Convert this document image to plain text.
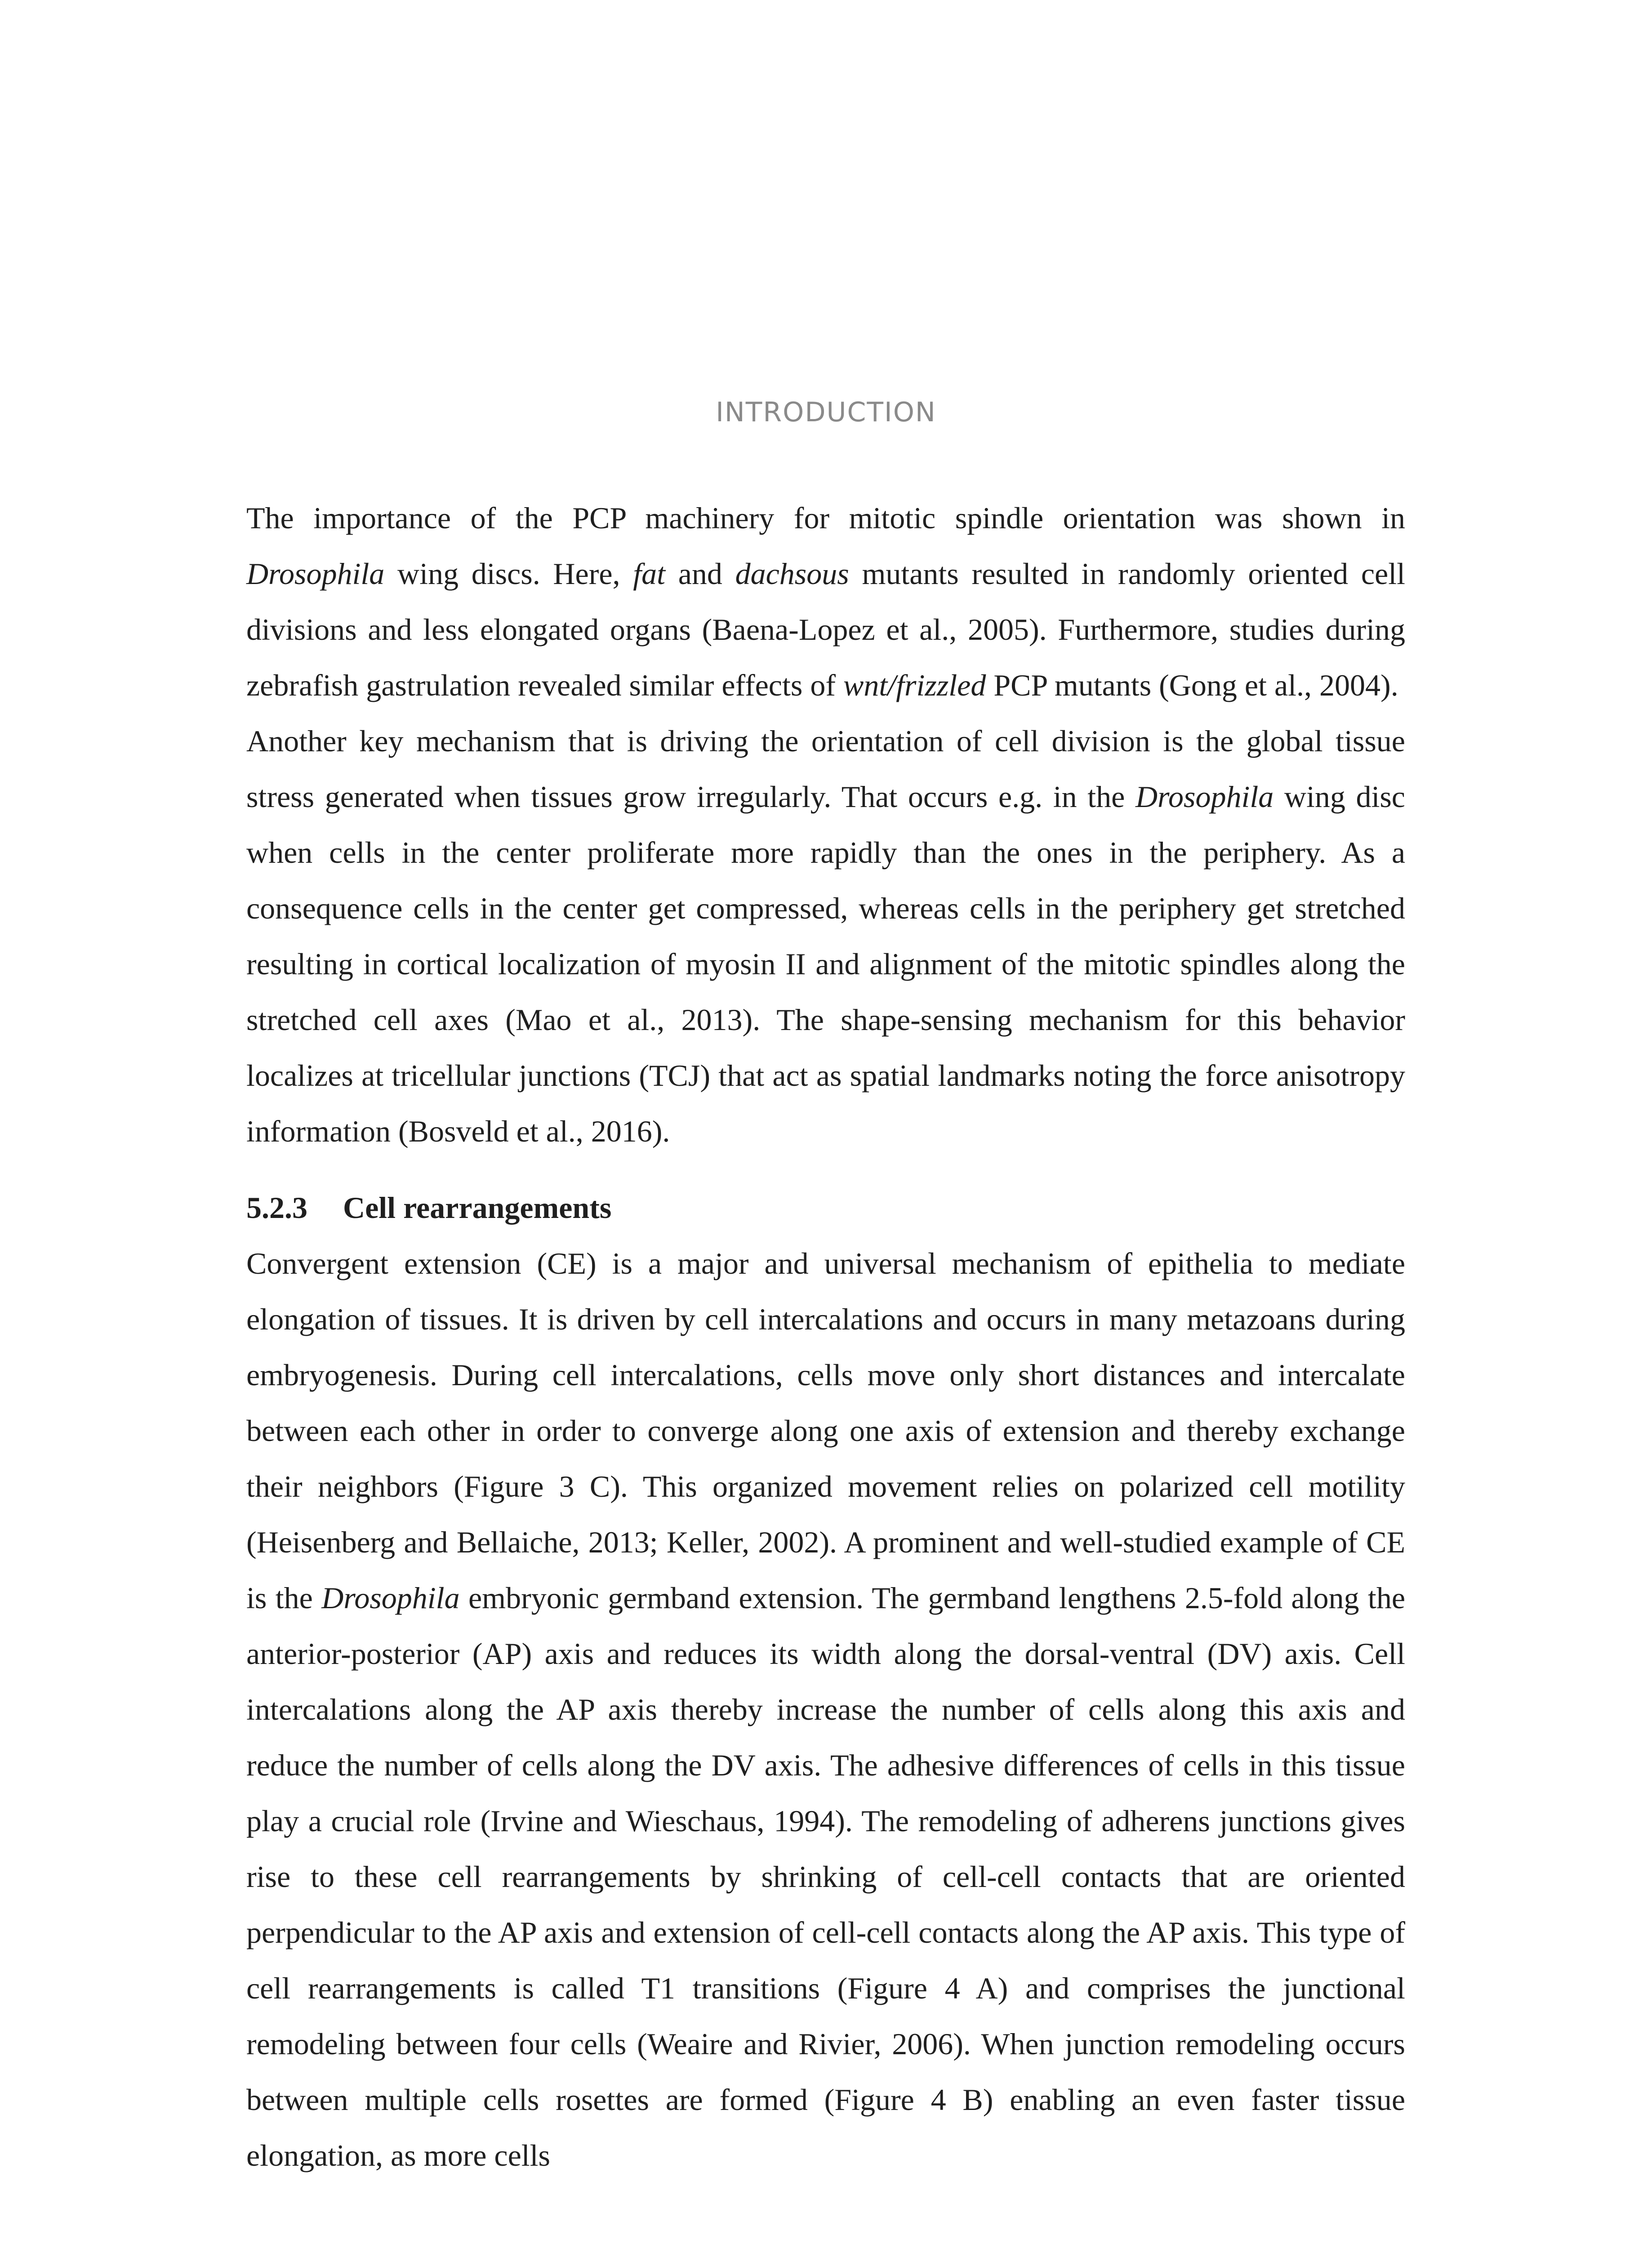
INTRODUCTION

The importance of the PCP machinery for mitotic spindle orientation was shown in Drosophila wing discs. Here, fat and dachsous mutants resulted in randomly oriented cell divisions and less elongated organs (Baena-Lopez et al., 2005). Furthermore, studies during zebrafish gastrulation revealed similar effects of wnt/frizzled PCP mutants (Gong et al., 2004).

Another key mechanism that is driving the orientation of cell division is the global tissue stress generated when tissues grow irregularly. That occurs e.g. in the Drosophila wing disc when cells in the center proliferate more rapidly than the ones in the periphery. As a consequence cells in the center get compressed, whereas cells in the periphery get stretched resulting in cortical localization of myosin II and alignment of the mitotic spindles along the stretched cell axes (Mao et al., 2013). The shape-sensing mechanism for this behavior localizes at tricellular junctions (TCJ) that act as spatial landmarks noting the force anisotropy information (Bosveld et al., 2016).

5.2.3 Cell rearrangements

Convergent extension (CE) is a major and universal mechanism of epithelia to mediate elongation of tissues. It is driven by cell intercalations and occurs in many metazoans during embryogenesis. During cell intercalations, cells move only short distances and intercalate between each other in order to converge along one axis of extension and thereby exchange their neighbors (Figure 3 C). This organized movement relies on polarized cell motility (Heisenberg and Bellaiche, 2013; Keller, 2002). A prominent and well-studied example of CE is the Drosophila embryonic germband extension. The germband lengthens 2.5-fold along the anterior-posterior (AP) axis and reduces its width along the dorsal-ventral (DV) axis. Cell intercalations along the AP axis thereby increase the number of cells along this axis and reduce the number of cells along the DV axis. The adhesive differences of cells in this tissue play a crucial role (Irvine and Wieschaus, 1994). The remodeling of adherens junctions gives rise to these cell rearrangements by shrinking of cell-cell contacts that are oriented perpendicular to the AP axis and extension of cell-cell contacts along the AP axis. This type of cell rearrangements is called T1 transitions (Figure 4 A) and comprises the junctional remodeling between four cells (Weaire and Rivier, 2006). When junction remodeling occurs between multiple cells rosettes are formed (Figure 4 B) enabling an even faster tissue elongation, as more cells
